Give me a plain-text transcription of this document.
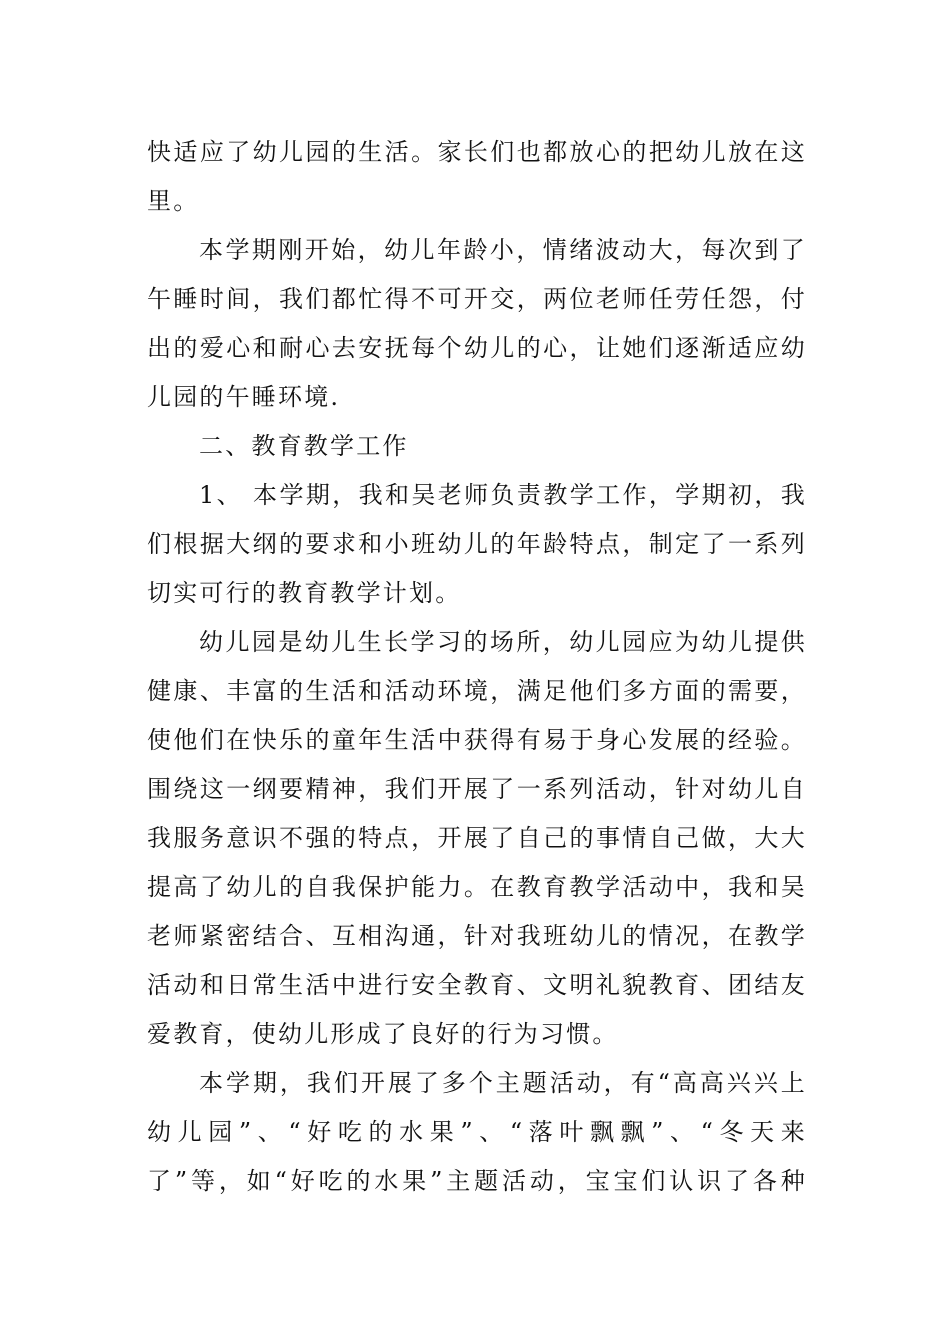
快适应了幼儿园的生活。家长们也都放心的把幼儿放在这
里。
本学期刚开始，幼儿年龄小，情绪波动大，每次到了
午睡时间，我们都忙得不可开交，两位老师任劳任怨，付
出的爱心和耐心去安抚每个幼儿的心，让她们逐渐适应幼
儿园的午睡环境.
二、教育教学工作
1、 本学期，我和吴老师负责教学工作，学期初，我
们根据大纲的要求和小班幼儿的年龄特点，制定了一系列
切实可行的教育教学计划。
幼儿园是幼儿生长学习的场所，幼儿园应为幼儿提供
健康、丰富的生活和活动环境，满足他们多方面的需要，
使他们在快乐的童年生活中获得有易于身心发展的经验。
围绕这一纲要精神，我们开展了一系列活动，针对幼儿自
我服务意识不强的特点，开展了自己的事情自己做，大大
提高了幼儿的自我保护能力。在教育教学活动中，我和吴
老师紧密结合、互相沟通，针对我班幼儿的情况，在教学
活动和日常生活中进行安全教育、文明礼貌教育、团结友
爱教育，使幼儿形成了良好的行为习惯。
本学期，我们开展了多个主题活动，有“高高兴兴上
幼儿园”、“好吃的水果”、“落叶飘飘”、“冬天来
了”等，如“好吃的水果”主题活动，宝宝们认识了各种
